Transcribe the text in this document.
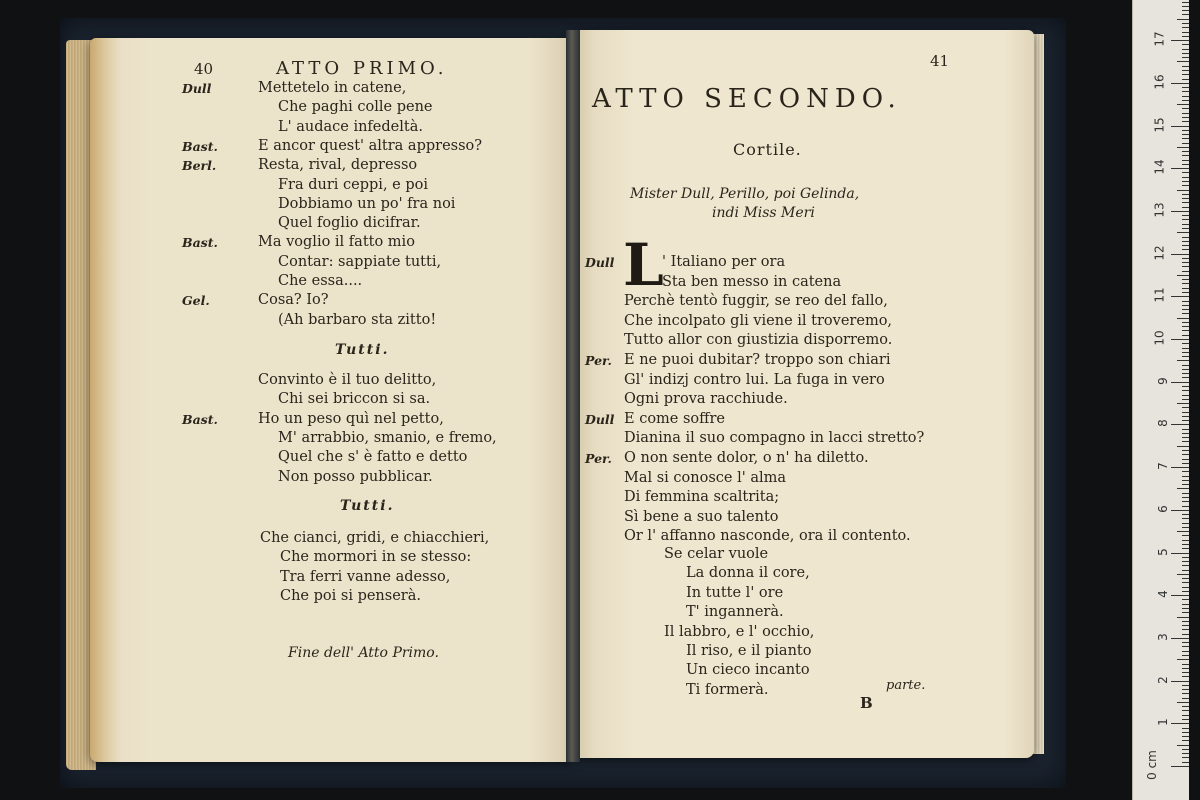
40	ATTO PRIMO.
Tutti.
Tutti.
Fine dell' Atto Primo.
Dull	Mettetelo in catene,
Che paghi colle pene
L' audace infedeltà.
Bast.	E ancor quest' altra appresso?
Berl.	Resta, rival, depresso
Fra duri ceppi, e poi
Dobbiamo un po' fra noi
Quel foglio dicifrar.
Bast.	Ma voglio il fatto mio
Contar: sappiate tutti,
Che essa....
Gel.	Cosa? Io?
(Ah barbaro sta zitto!
Convinto è il tuo delitto,
Chi sei briccon si sa.
Bast.	Ho un peso quì nel petto,
M' arrabbio, smanio, e fremo,
Quel che s' è fatto e detto
Non posso pubblicar.
Che cianci, gridi, e chiacchieri,
Che mormori in se stesso:
Tra ferri vanne adesso,
Che poi si penserà.
41
ATTO SECONDO.
Cortile.
Mister Dull, Perillo, poi Gelinda,
indi Miss Meri
L
parte.
B
Dull	' Italiano per ora
Sta ben messo in catena
Perchè tentò fuggir, se reo del fallo,
Che incolpato gli viene il troveremo,
Tutto allor con giustizia disporremo.
Per. E ne puoi dubitar? troppo son chiari
Gl' indizj contro lui. La fuga in vero
Ogni prova racchiude.
Dull E come soffre
Dianina il suo compagno in lacci stretto?
Per. O non sente dolor, o n' ha diletto.
Mal si conosce l' alma
Di femmina scaltrita;
Sì bene a suo talento
Or l' affanno nasconde, ora il contento.
Se celar vuole
La donna il core,
In tutte l' ore
T' ingannerà.
Il labbro, e l' occhio,
Il riso, e il pianto
Un cieco incanto
Ti formerà.
17
16
15
14
13
12
11
10
9
8
7
6
5
4
3
2
1
0 cm
